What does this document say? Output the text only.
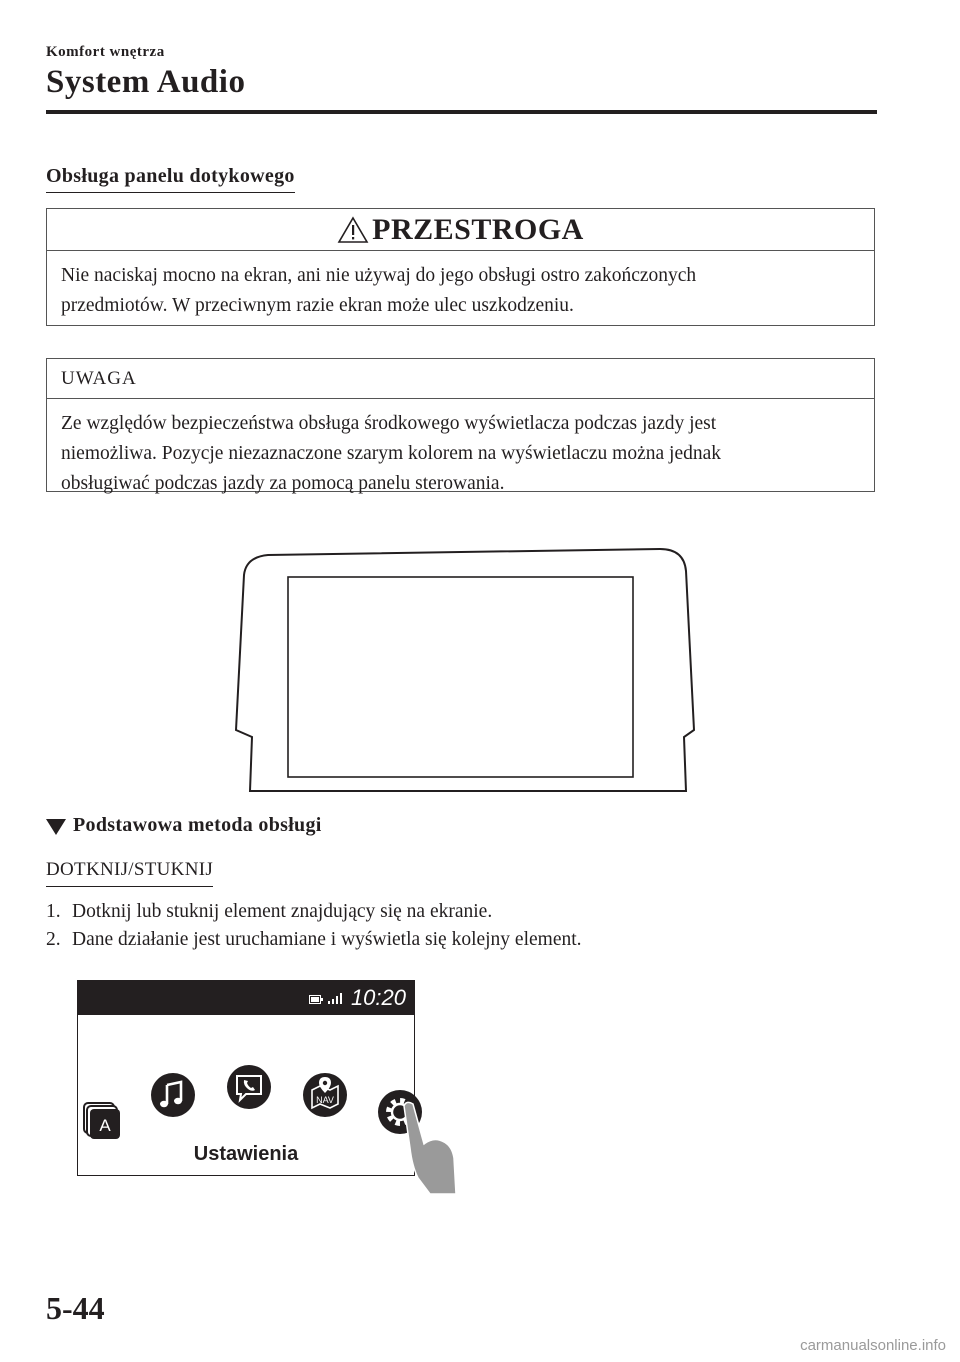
Komfort wnętrza
System Audio
Obsługa panelu dotykowego
PRZESTROGA
Nie naciskaj mocno na ekran, ani nie używaj do jego obsługi ostro zakończonych
przedmiotów. W przeciwnym razie ekran może ulec uszkodzeniu.
UWAGA
Ze względów bezpieczeństwa obsługa środkowego wyświetlacza podczas jazdy jest
niemożliwa. Pozycje niezaznaczone szarym kolorem na wyświetlaczu można jednak
obsługiwać podczas jazdy za pomocą panelu sterowania.
Podstawowa metoda obsługi
DOTKNIJ/STUKNIJ
1. Dotknij lub stuknij element znajdujący się na ekranie.
2. Dane działanie jest uruchamiane i wyświetla się kolejny element.
10:20
A
NAV
Ustawienia
5-44
carmanualsonline.info
